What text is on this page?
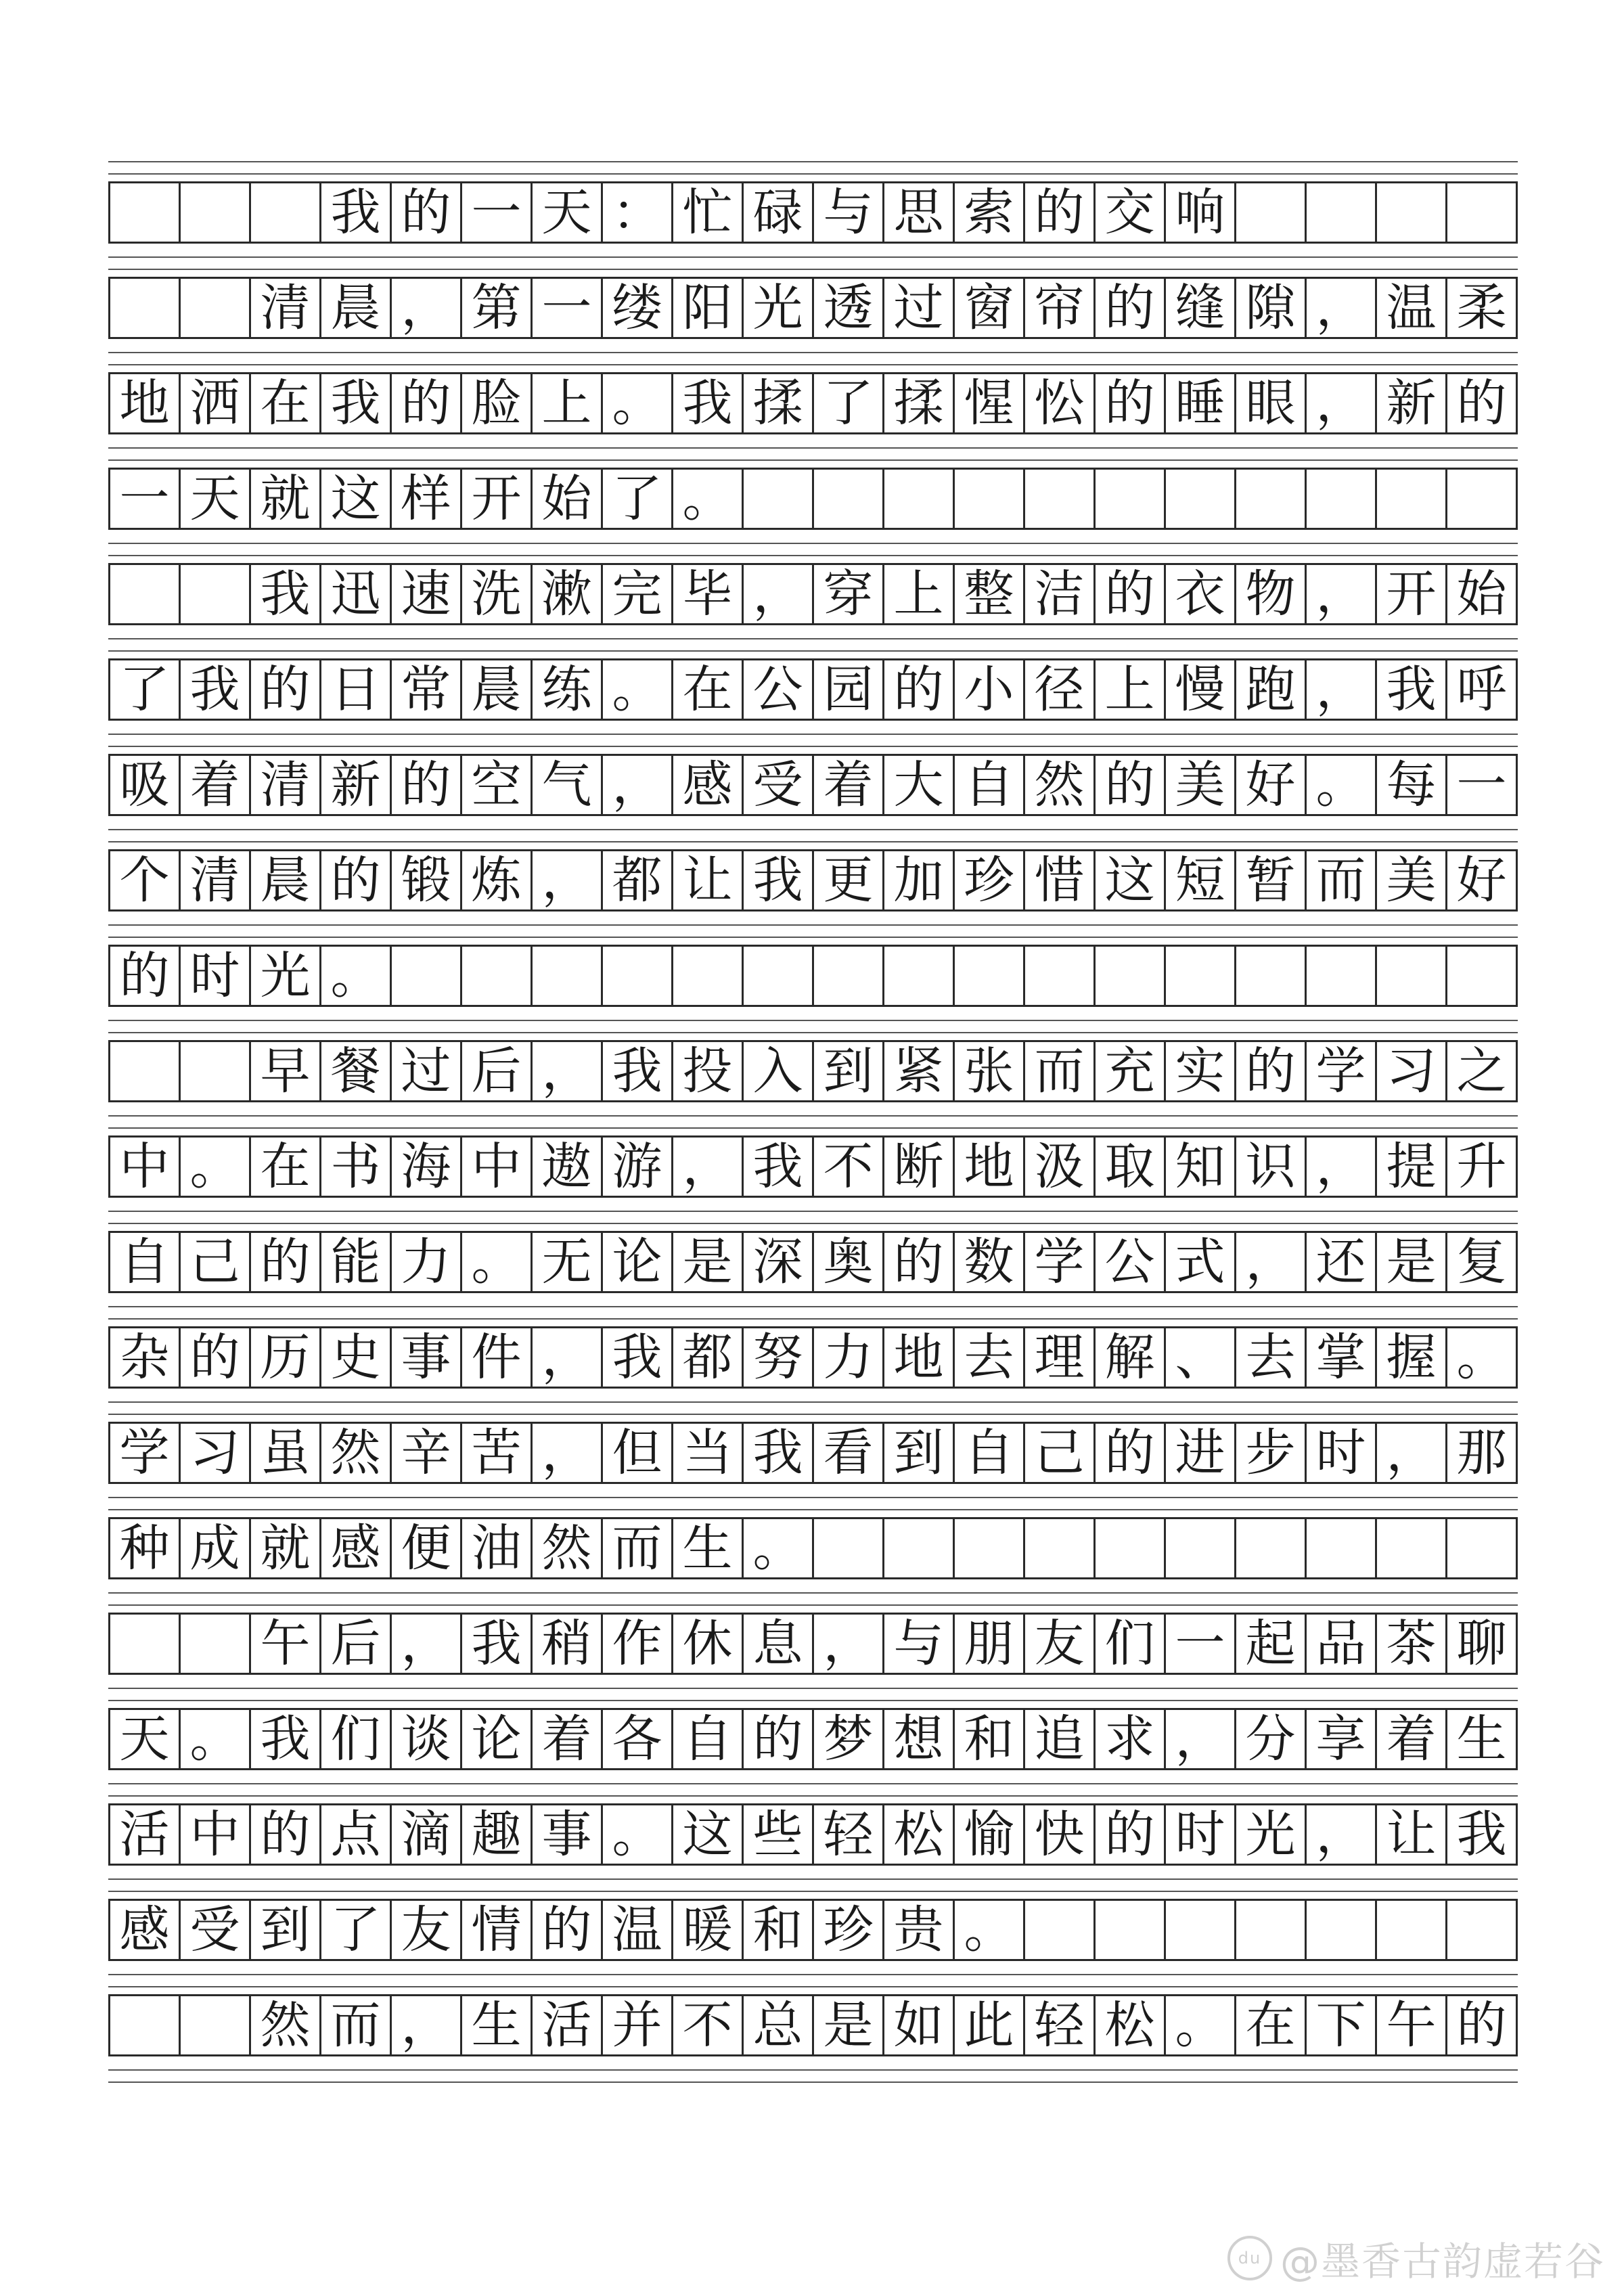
我 的 一 天 ： 忙 碌 与 思 索 的 交 响
清 晨 ， 第 一 缕 阳 光 透 过 窗 帘 的 缝 隙 ， 温 柔
地 洒 在 我 的 脸 上 。 我 揉 了 揉 惺 忪 的 睡 眼 ， 新 的
一 天 就 这 样 开 始 了 。
我 迅 速 洗 漱 完 毕 ， 穿 上 整 洁 的 衣 物 ， 开 始
了 我 的 日 常 晨 练 。 在 公 园 的 小 径 上 慢 跑 ， 我 呼
吸 着 清 新 的 空 气 ， 感 受 着 大 自 然 的 美 好 。 每 一
个 清 晨 的 锻 炼 ， 都 让 我 更 加 珍 惜 这 短 暂 而 美 好
的 时 光 。
早 餐 过 后 ， 我 投 入 到 紧 张 而 充 实 的 学 习 之
中 。 在 书 海 中 遨 游 ， 我 不 断 地 汲 取 知 识 ， 提 升
自 己 的 能 力 。 无 论 是 深 奥 的 数 学 公 式 ， 还 是 复
杂 的 历 史 事 件 ， 我 都 努 力 地 去 理 解 、 去 掌 握 。
学 习 虽 然 辛 苦 ， 但 当 我 看 到 自 己 的 进 步 时 ， 那
种 成 就 感 便 油 然 而 生 。
午 后 ， 我 稍 作 休 息 ， 与 朋 友 们 一 起 品 茶 聊
天 。 我 们 谈 论 着 各 自 的 梦 想 和 追 求 ， 分 享 着 生
活 中 的 点 滴 趣 事 。 这 些 轻 松 愉 快 的 时 光 ， 让 我
感 受 到 了 友 情 的 温 暖 和 珍 贵 。
然 而 ， 生 活 并 不 总 是 如 此 轻 松 。 在 下 午 的
du @墨香古韵虚若谷
